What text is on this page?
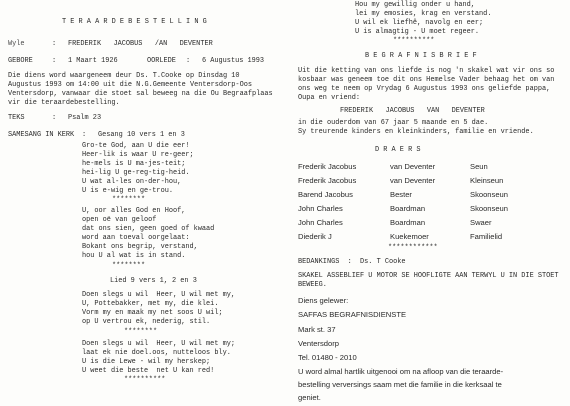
T E R A A R D E B E S T E L L I N G
Wyle	: FREDERIK   JACOBUS   /AN   DEVENTER
GEBORE	: 1 Maart 1926	OORLEDE : 6 Augustus 1993
Die diens word waargeneem deur Ds. T.Cooke op Dinsdag 10
Augustus 1993 om 14:00 uit die N.G.Gemeente Ventersdorp-Oos
Ventersdorp, vanwaar die stoet sal beweeg na die Ou Begraafplaas
vir die teraardebestelling.
TEKS	: Psalm 23
SAMESANG IN KERK : Gesang 10 vers 1 en 3
Gro-te God, aan U die eer!
Heer-lik is waar U re-geer;
he-mels is U ma-jes-teit;
hei-lig U ge-reg-tig-heid.
U wat al-les on-der-hou,
U is e-wig en ge-trou.
********
U, oor alles God en Hoof,
open oë van geloof
dat ons sien, geen goed of kwaad
word aan toeval oorgelaat:
Bokant ons begrip, verstand,
hou U al wat is in stand.
********
Lied 9 vers 1, 2 en 3
Doen slegs u wil  Heer, U wil met my,
U, Pottebakker, met my, die klei.
Vorm my en maak my net soos U wil;
op U vertrou ek, nederig, stil.
********
Doen slegs u wil  Heer, U wil met my;
laat ek nie doel.oos, nutteloos bly.
U is die Lewe - wil my herskep;
U weet die beste  net U kan red!
**********
Hou my gewillig onder u hand,
lei my emosies, krag en verstand.
U wil ek liefhê, navolg en eer;
U is almagtig - U moet regeer.
**********
B E G R A F N I S B R I E F
Uit die ketting van ons liefde is nog 'n skakel wat vir ons so
kosbaar was geneem toe dit ons Hemelse Vader behaag het om van
ons weg te neem op Vrydag 6 Augustus 1993 ons geliefde pappa,
Oupa en vriend:
FREDERIK   JACOBUS   VAN   DEVENTER
in die ouderdom van 67 jaar 5 maande en 5 dae.
Sy treurende kinders en kleinkinders, familie en vriende.
D R A E R S
Frederik Jacobus	van Deventer	Seun
Frederik Jacobus	van Deventer	Kleinseun
Barend Jacobus	Bester	Skoonseun
John Charles	Boardman	Skoonseun
John Charles	Boardman	Swaer
Diederik J	Kuekemoer	Familielid
************
BEDANKINGS  :  Ds. T Cooke
SKAKEL ASSEBLIEF U MOTOR SE HOOFLIGTE AAN TERWYL U IN DIE STOET
BEWEEG.
Diens gelewer:
SAFFAS BEGRAFNISDIENSTE
Mark st. 37
Ventersdorp
Tel. 01480 - 2010
U word almal hartlik uitgenooi om na afloop van die teraarde-
bestelling verversings saam met die familie in die kerksaal te
geniet.
